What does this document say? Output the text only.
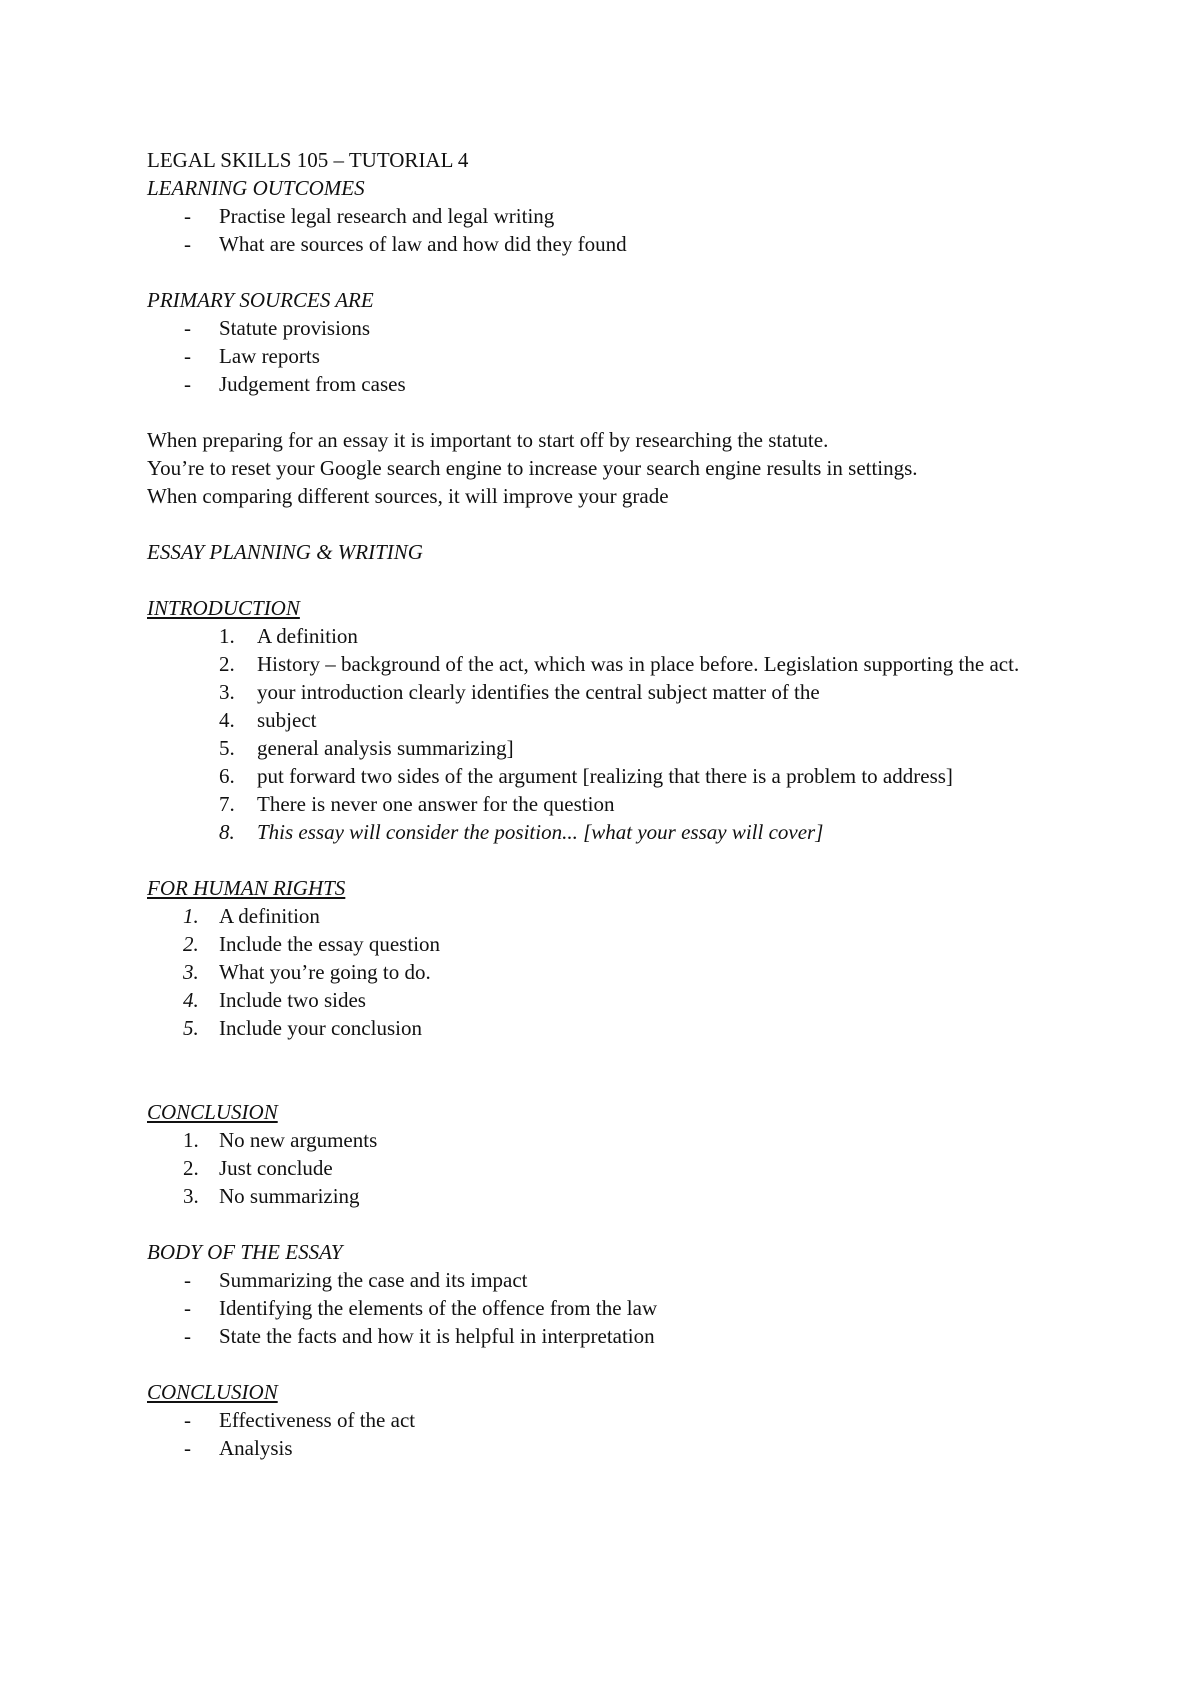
LEGAL SKILLS 105 – TUTORIAL 4

LEARNING OUTCOMES

- Practise legal research and legal writing
- What are sources of law and how did they found

PRIMARY SOURCES ARE

- Statute provisions
- Law reports
- Judgement from cases

When preparing for an essay it is important to start off by researching the statute.

You’re to reset your Google search engine to increase your search engine results in settings.

When comparing different sources, it will improve your grade

ESSAY PLANNING & WRITING

INTRODUCTION

1. A definition
2. History – background of the act, which was in place before. Legislation supporting the act.
3. your introduction clearly identifies the central subject matter of the
4. subject
5. general analysis summarizing]
6. put forward two sides of the argument [realizing that there is a problem to address]
7. There is never one answer for the question
8. This essay will consider the position... [what your essay will cover]

FOR HUMAN RIGHTS

1. A definition
2. Include the essay question
3. What you’re going to do.
4. Include two sides
5. Include your conclusion

CONCLUSION

1. No new arguments
2. Just conclude
3. No summarizing

BODY OF THE ESSAY

- Summarizing the case and its impact
- Identifying the elements of the offence from the law
- State the facts and how it is helpful in interpretation

CONCLUSION

- Effectiveness of the act
- Analysis
